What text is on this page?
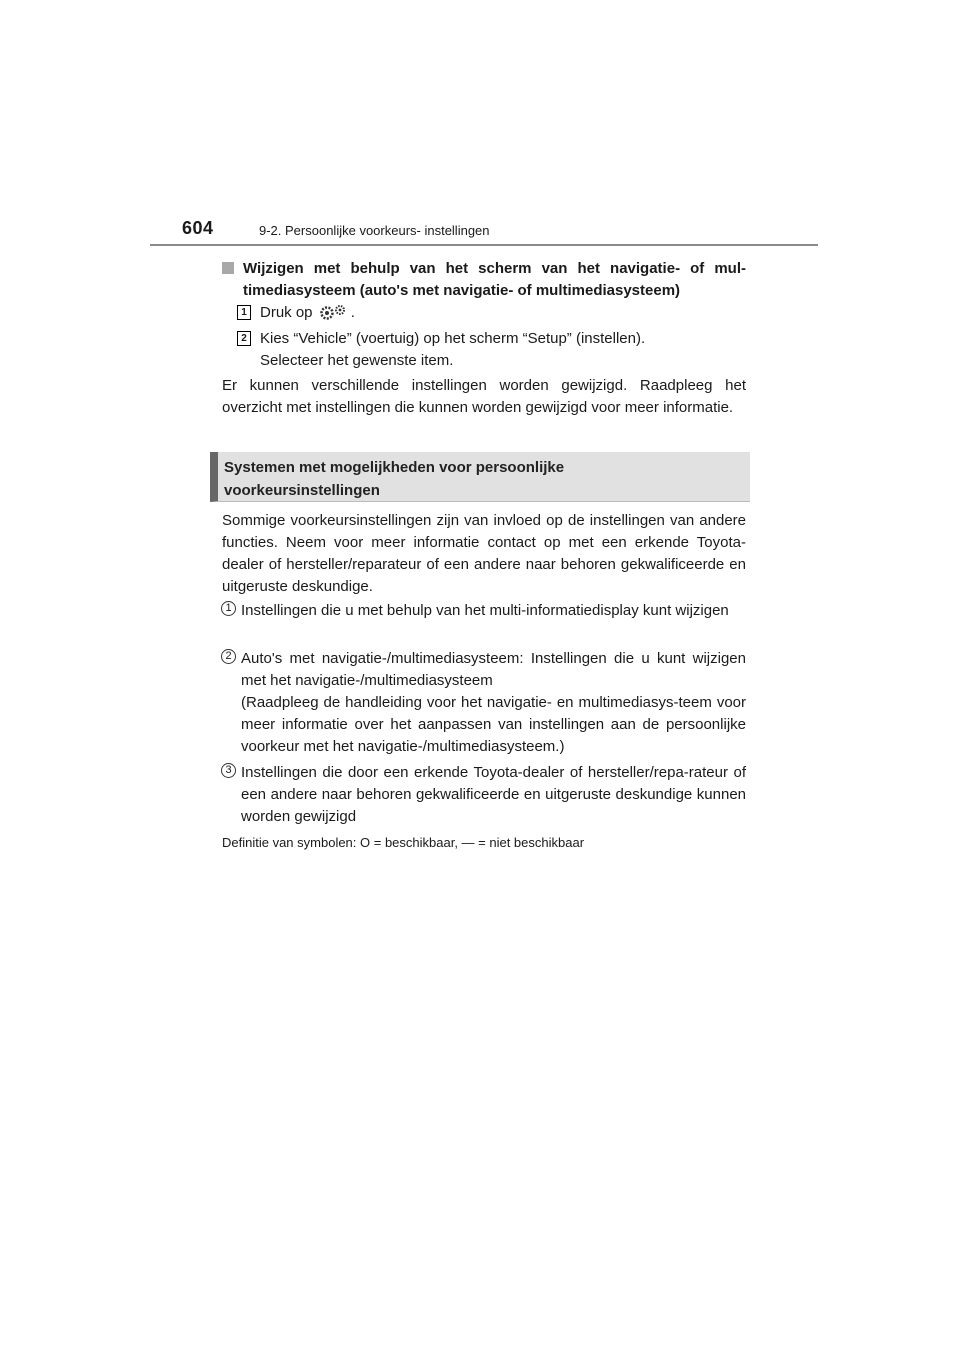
604	9-2. Persoonlijke voorkeurs- instellingen
Wijzigen met behulp van het scherm van het navigatie- of mul-timediasysteem (auto's met navigatie- of multimediasysteem)
1 Druk op .
2 Kies “Vehicle” (voertuig) op het scherm “Setup” (instellen).
Selecteer het gewenste item.
Er kunnen verschillende instellingen worden gewijzigd. Raadpleeg het overzicht met instellingen die kunnen worden gewijzigd voor meer informatie.
Systemen met mogelijkheden voor persoonlijke
voorkeursinstellingen
Sommige voorkeursinstellingen zijn van invloed op de instellingen van andere functies. Neem voor meer informatie contact op met een erkende Toyota-dealer of hersteller/reparateur of een andere naar behoren gekwalificeerde en uitgeruste deskundige.
1 Instellingen die u met behulp van het multi-informatiedisplay kunt wijzigen
2 Auto's met navigatie-/multimediasysteem: Instellingen die u kunt wijzigen met het navigatie-/multimediasysteem
(Raadpleeg de handleiding voor het navigatie- en multimediasys-teem voor meer informatie over het aanpassen van instellingen aan de persoonlijke voorkeur met het navigatie-/multimediasysteem.)
3 Instellingen die door een erkende Toyota-dealer of hersteller/repa-rateur of een andere naar behoren gekwalificeerde en uitgeruste deskundige kunnen worden gewijzigd
Definitie van symbolen: O = beschikbaar, — = niet beschikbaar
